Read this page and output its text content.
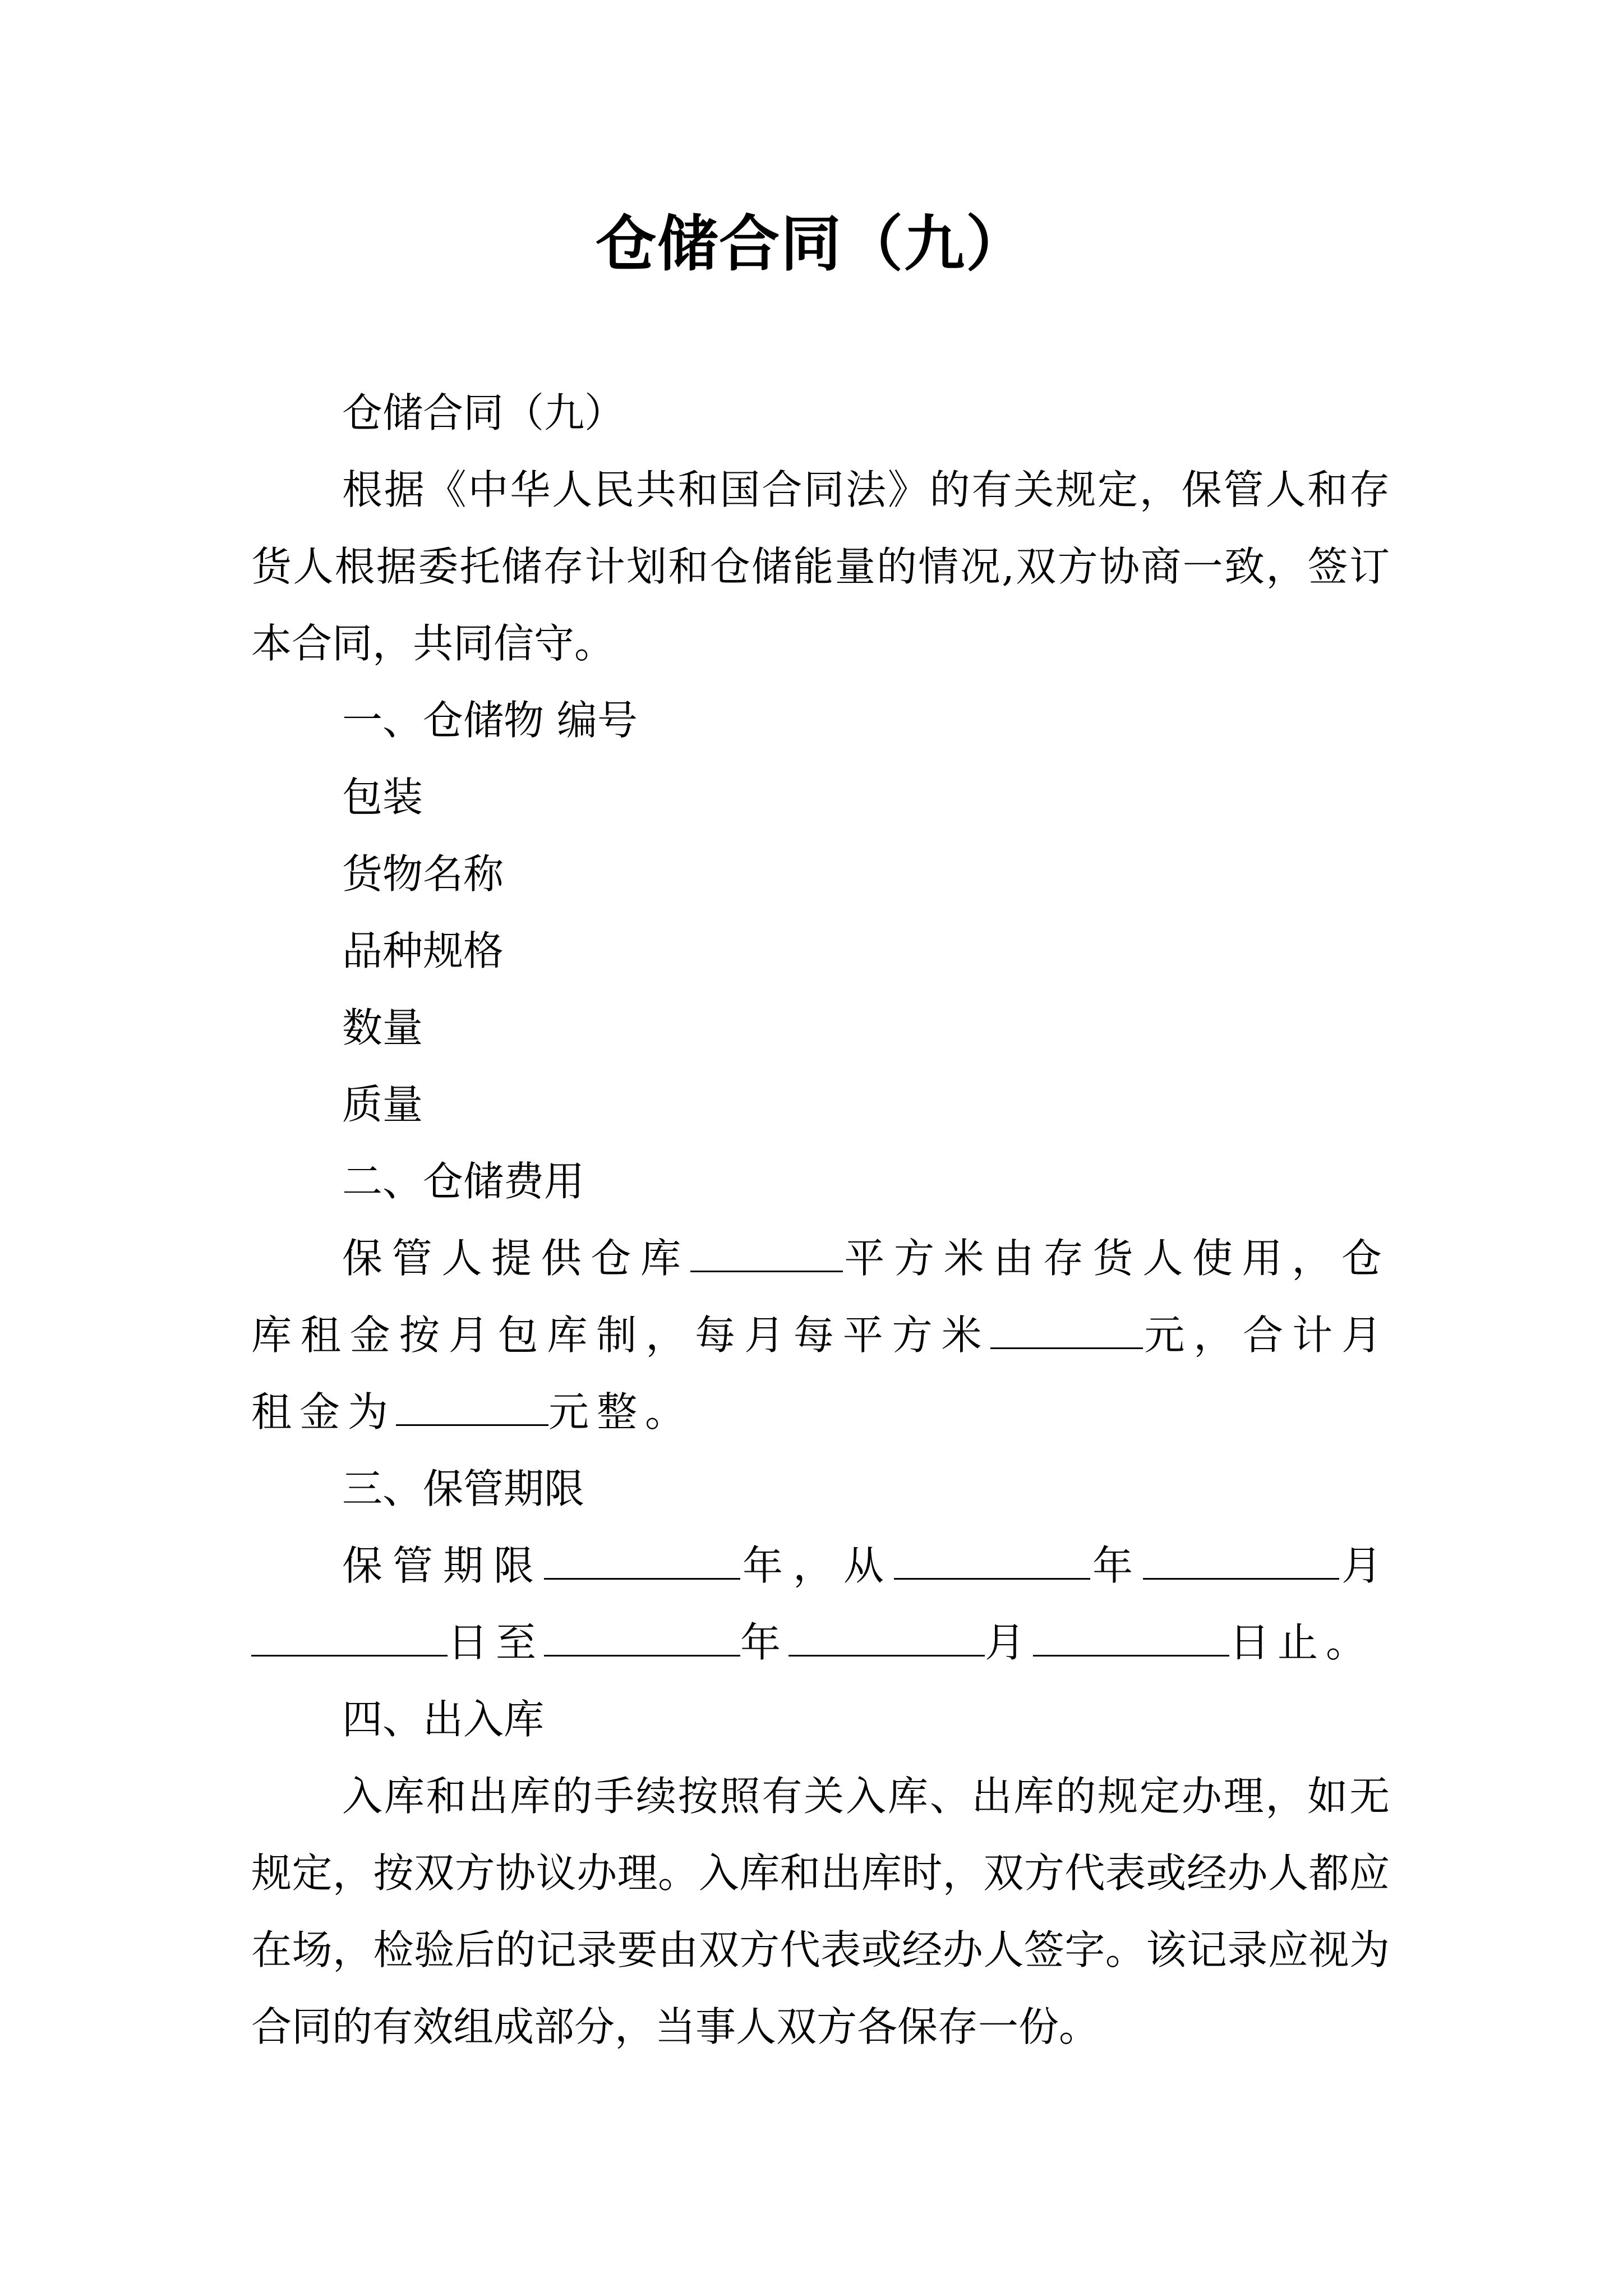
仓储合同（九）

仓储合同（九）

根据《中华人民共和国合同法》的有关规定，保管人和存货人根据委托储存计划和仓储能量的情况,双方协商一致，签订本合同，共同信守。

一、仓储物 编号

包装

货物名称

品种规格

数量

质量

二、仓储费用

保管人提供仓库	平方米由存货人使用，仓库租金按月包库制，每月每平方米	元，合计月租金为	元整。

三、保管期限

保管期限	年，从	年	月日至	年	月	日止。

四、出入库

入库和出库的手续按照有关入库、出库的规定办理，如无规定，按双方协议办理。入库和出库时，双方代表或经办人都应在场，检验后的记录要由双方代表或经办人签字。该记录应视为合同的有效组成部分，当事人双方各保存一份。
